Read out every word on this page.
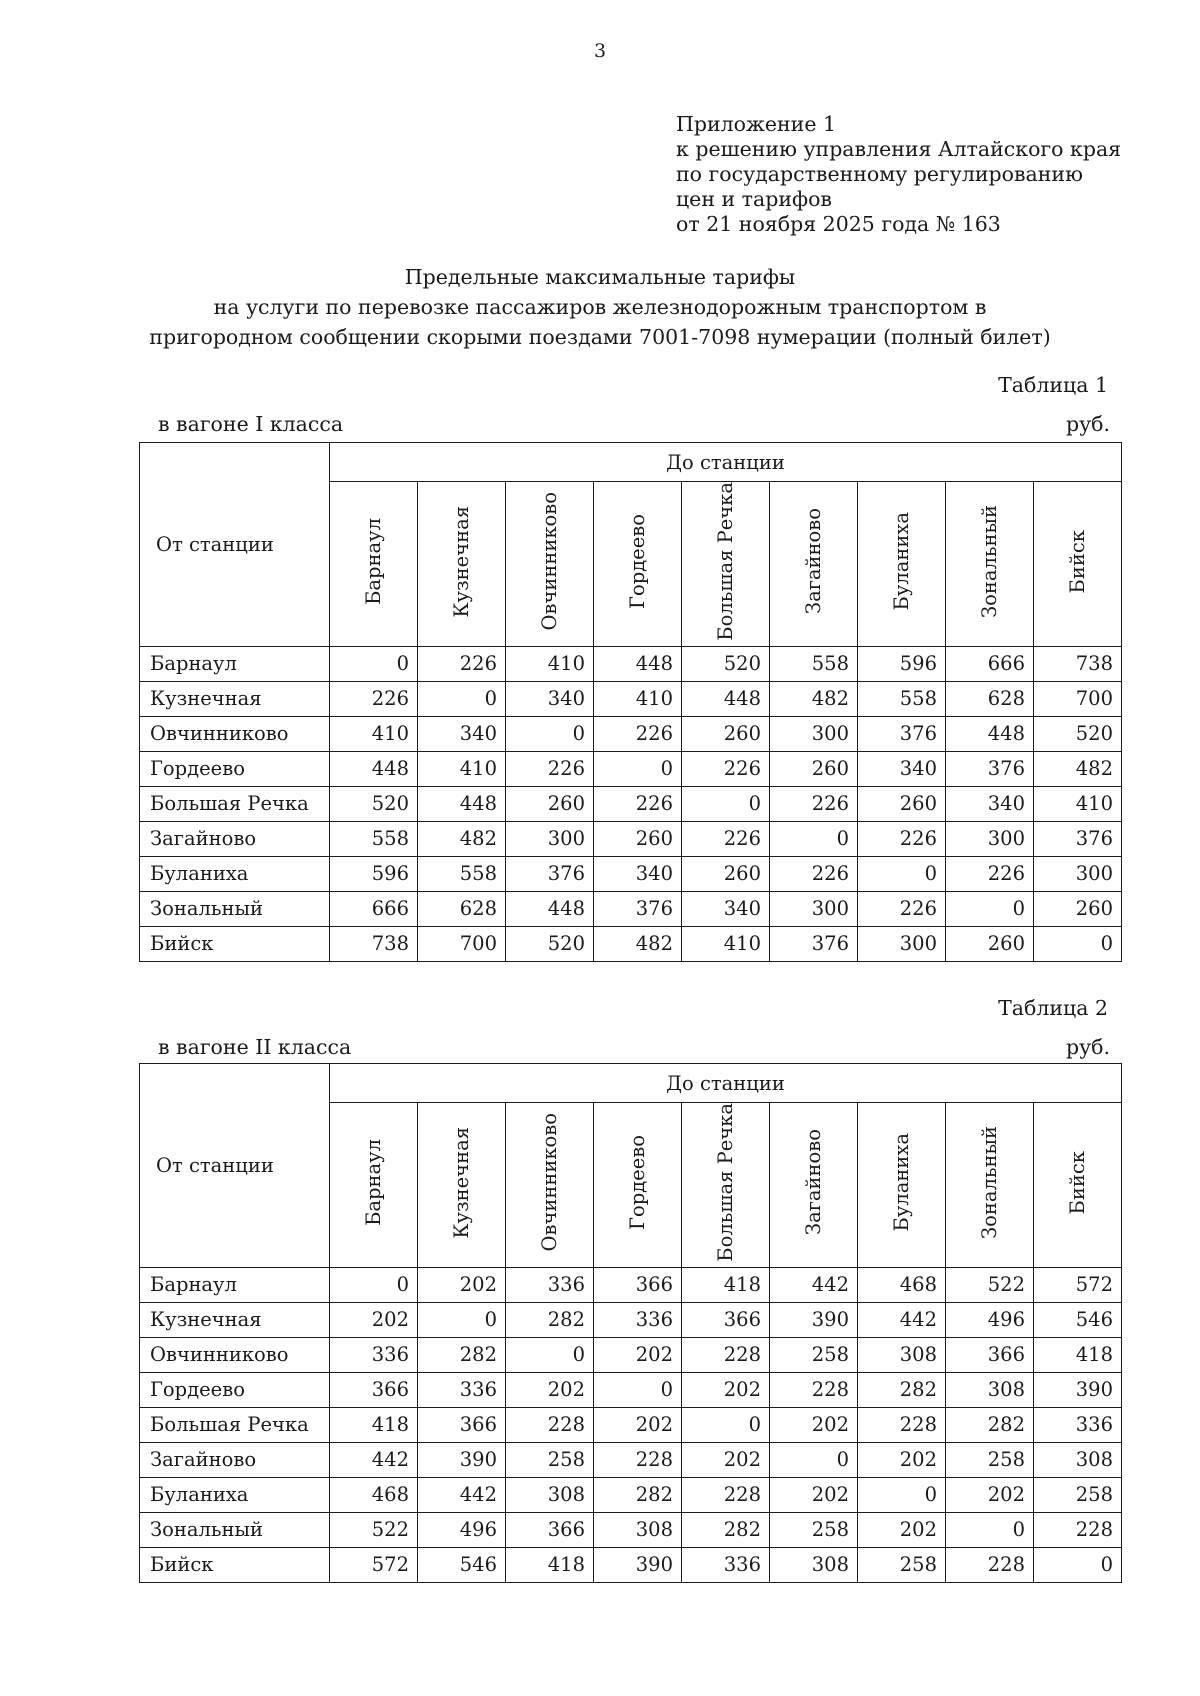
3
Приложение 1
к решению управления Алтайского края
по государственному регулированию
цен и тарифов
от 21 ноября 2025 года № 163
Предельные максимальные тарифы
на услуги по перевозке пассажиров железнодорожным транспортом в
пригородном сообщении скорыми поездами 7001-7098 нумерации (полный билет)
Таблица 1
в вагоне I класса	руб.
От станции	До станции								
	Барнаул	Кузнечная	Овчинниково	Гордеево	Большая Речка	Загайново	Буланиха	Зональный	Бийск
Барнаул	0	226	410	448	520	558	596	666	738
Кузнечная	226	0	340	410	448	482	558	628	700
Овчинниково	410	340	0	226	260	300	376	448	520
Гордеево	448	410	226	0	226	260	340	376	482
Большая Речка	520	448	260	226	0	226	260	340	410
Загайново	558	482	300	260	226	0	226	300	376
Буланиха	596	558	376	340	260	226	0	226	300
Зональный	666	628	448	376	340	300	226	0	260
Бийск	738	700	520	482	410	376	300	260	0
Таблица 2
в вагоне II класса	руб.
От станции	До станции								
	Барнаул	Кузнечная	Овчинниково	Гордеево	Большая Речка	Загайново	Буланиха	Зональный	Бийск
Барнаул	0	202	336	366	418	442	468	522	572
Кузнечная	202	0	282	336	366	390	442	496	546
Овчинниково	336	282	0	202	228	258	308	366	418
Гордеево	366	336	202	0	202	228	282	308	390
Большая Речка	418	366	228	202	0	202	228	282	336
Загайново	442	390	258	228	202	0	202	258	308
Буланиха	468	442	308	282	228	202	0	202	258
Зональный	522	496	366	308	282	258	202	0	228
Бийск	572	546	418	390	336	308	258	228	0
